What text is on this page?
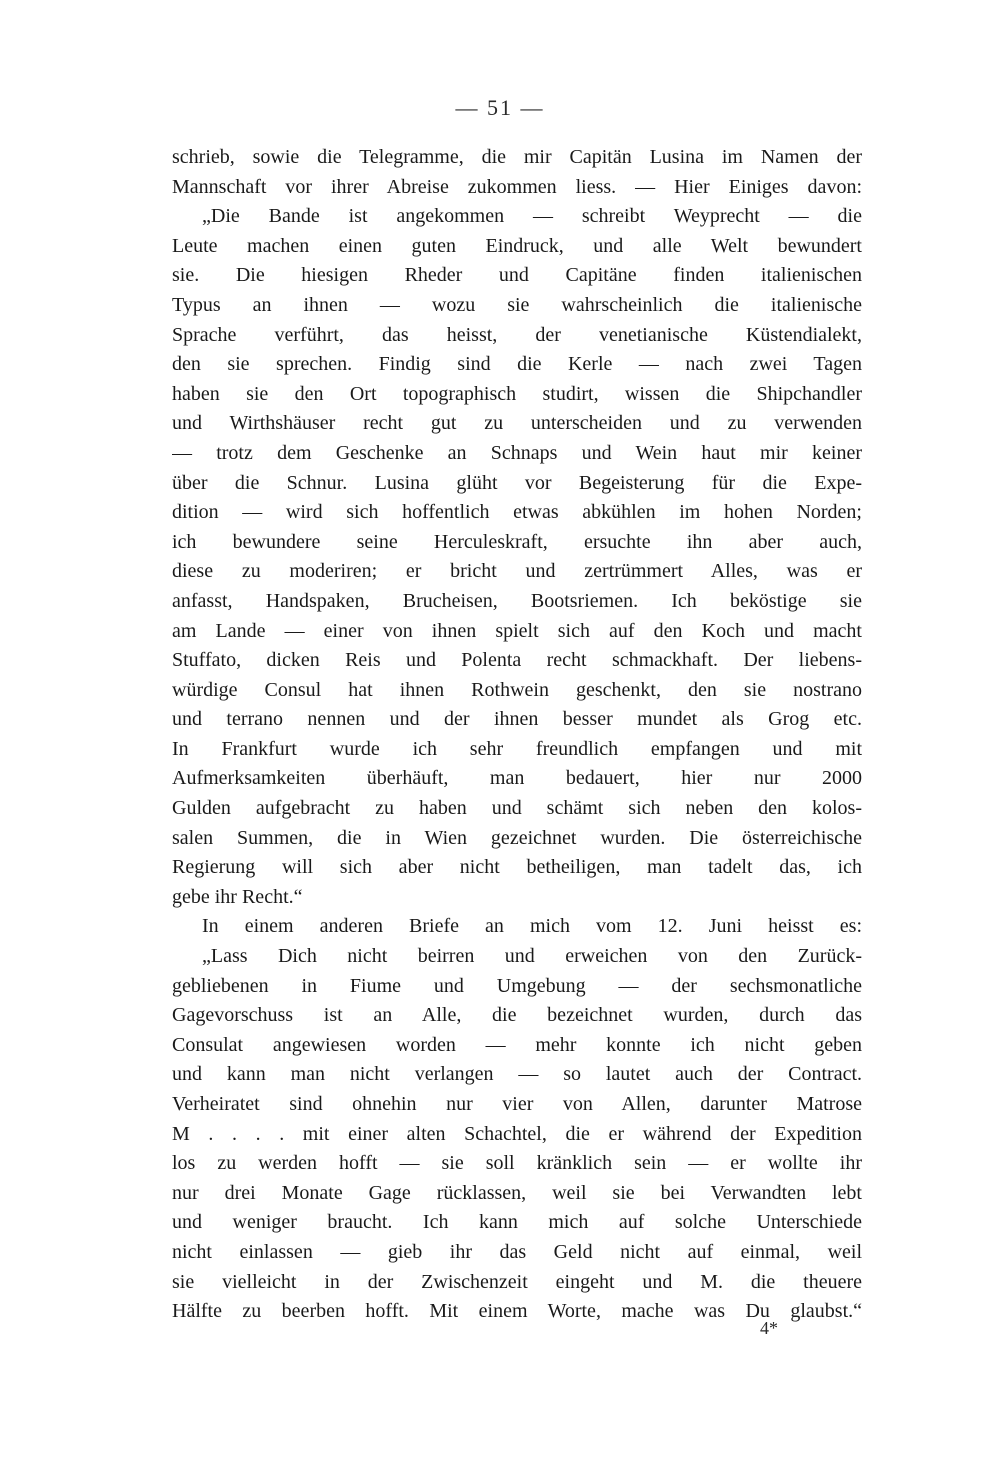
— 51 —
schrieb, sowie die Telegramme, die mir Capitän Lusina im Namen der
Mannschaft vor ihrer Abreise zukommen liess. — Hier Einiges davon:
„Die Bande ist angekommen — schreibt Weyprecht — die
Leute machen einen guten Eindruck, und alle Welt bewundert
sie. Die hiesigen Rheder und Capitäne finden italienischen
Typus an ihnen — wozu sie wahrscheinlich die italienische
Sprache verführt, das heisst, der venetianische Küstendialekt,
den sie sprechen. Findig sind die Kerle — nach zwei Tagen
haben sie den Ort topographisch studirt, wissen die Shipchandler
und Wirthshäuser recht gut zu unterscheiden und zu verwenden
— trotz dem Geschenke an Schnaps und Wein haut mir keiner
über die Schnur. Lusina glüht vor Begeisterung für die Expe-
dition — wird sich hoffentlich etwas abkühlen im hohen Norden;
ich bewundere seine Herculeskraft, ersuchte ihn aber auch,
diese zu moderiren; er bricht und zertrümmert Alles, was er
anfasst, Handspaken, Brucheisen, Bootsriemen. Ich beköstige sie
am Lande — einer von ihnen spielt sich auf den Koch und macht
Stuffato, dicken Reis und Polenta recht schmackhaft. Der liebens-
würdige Consul hat ihnen Rothwein geschenkt, den sie nostrano
und terrano nennen und der ihnen besser mundet als Grog etc.
In Frankfurt wurde ich sehr freundlich empfangen und mit
Aufmerksamkeiten überhäuft, man bedauert, hier nur 2000
Gulden aufgebracht zu haben und schämt sich neben den kolos-
salen Summen, die in Wien gezeichnet wurden. Die österreichische
Regierung will sich aber nicht betheiligen, man tadelt das, ich
gebe ihr Recht.“
In einem anderen Briefe an mich vom 12. Juni heisst es:
„Lass Dich nicht beirren und erweichen von den Zurück-
gebliebenen in Fiume und Umgebung — der sechsmonatliche
Gagevorschuss ist an Alle, die bezeichnet wurden, durch das
Consulat angewiesen worden — mehr konnte ich nicht geben
und kann man nicht verlangen — so lautet auch der Contract.
Verheiratet sind ohnehin nur vier von Allen, darunter Matrose
M . . . . mit einer alten Schachtel, die er während der Expedition
los zu werden hofft — sie soll kränklich sein — er wollte ihr
nur drei Monate Gage rücklassen, weil sie bei Verwandten lebt
und weniger braucht. Ich kann mich auf solche Unterschiede
nicht einlassen — gieb ihr das Geld nicht auf einmal, weil
sie vielleicht in der Zwischenzeit eingeht und M. die theuere
Hälfte zu beerben hofft. Mit einem Worte, mache was Du glaubst.“
4*
